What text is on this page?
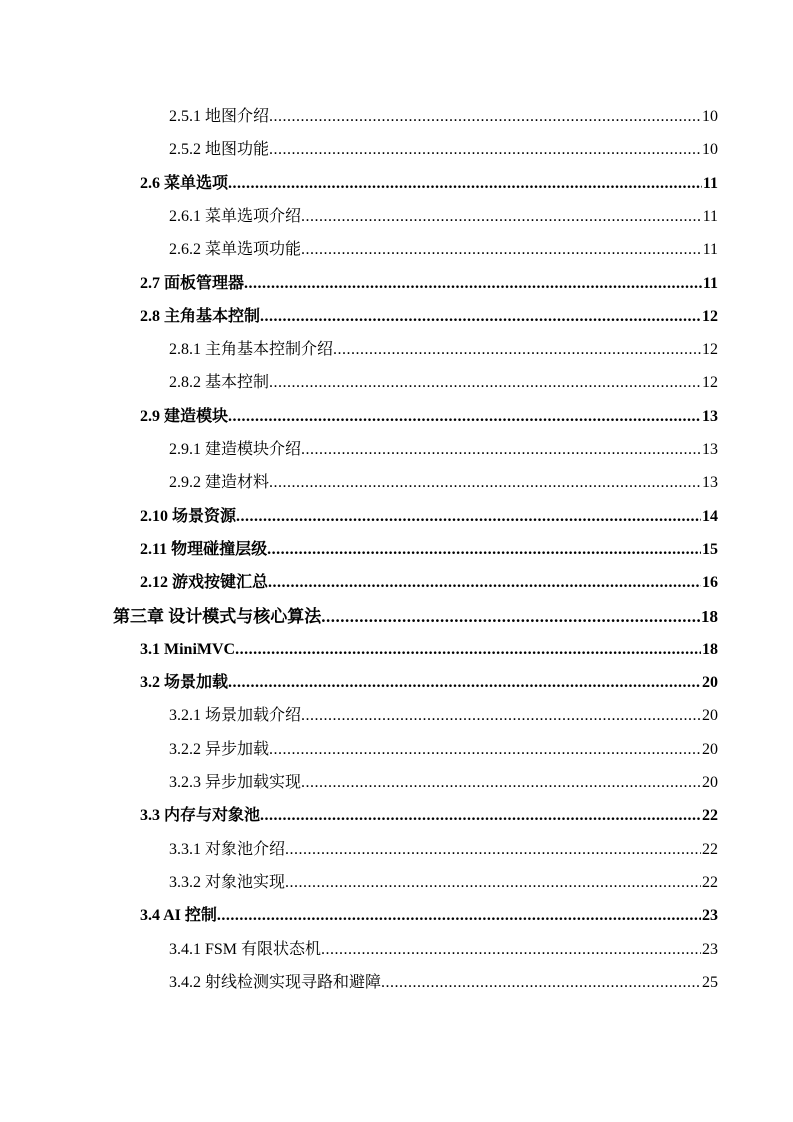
2.5.1 地图介绍 .....	10
2.5.2 地图功能 .....	10
2.6 菜单选项 .....	11
2.6.1 菜单选项介绍 .....	11
2.6.2 菜单选项功能 .....	11
2.7 面板管理器 .....	11
2.8 主角基本控制 .....	12
2.8.1 主角基本控制介绍 .....	12
2.8.2 基本控制 .....	12
2.9 建造模块 .....	13
2.9.1 建造模块介绍 .....	13
2.9.2 建造材料 .....	13
2.10 场景资源 .....	14
2.11 物理碰撞层级 .....	15
2.12 游戏按键汇总 .....	16
第三章 设计模式与核心算法 .....	18
3.1 MiniMVC .....	18
3.2 场景加载 .....	20
3.2.1 场景加载介绍 .....	20
3.2.2 异步加载 .....	20
3.2.3 异步加载实现 .....	20
3.3 内存与对象池 .....	22
3.3.1 对象池介绍 .....	22
3.3.2 对象池实现 .....	22
3.4 AI 控制 .....	23
3.4.1 FSM 有限状态机 .....	23
3.4.2 射线检测实现寻路和避障 .....	25
